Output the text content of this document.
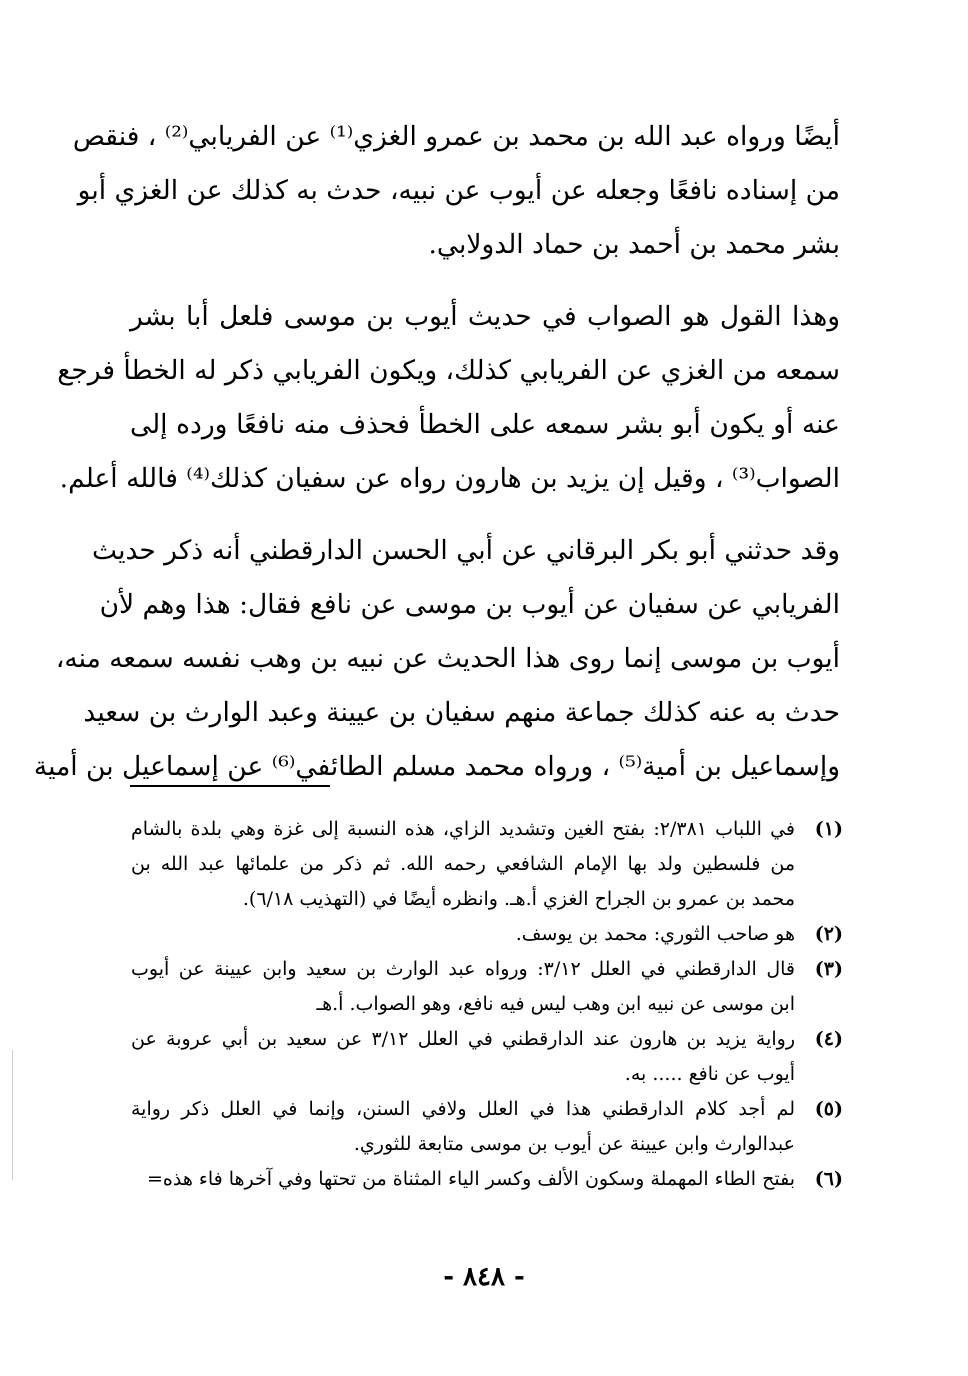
أيضًا ورواه عبد الله بن محمد بن عمرو الغزي⁽¹⁾ عن الفريابي⁽²⁾ ، فنقص
من إسناده نافعًا وجعله عن أيوب عن نبيه، حدث به كذلك عن الغزي أبو
بشر محمد بن أحمد بن حماد الدولابي.

وهذا القول هو الصواب في حديث أيوب بن موسى فلعل أبا بشر
سمعه من الغزي عن الفريابي كذلك، ويكون الفريابي ذكر له الخطأ فرجع
عنه أو يكون أبو بشر سمعه على الخطأ فحذف منه نافعًا ورده إلى
الصواب⁽³⁾ ، وقيل إن يزيد بن هارون رواه عن سفيان كذلك⁽⁴⁾ فالله أعلم.

وقد حدثني أبو بكر البرقاني عن أبي الحسن الدارقطني أنه ذكر حديث
الفريابي عن سفيان عن أيوب بن موسى عن نافع فقال: هذا وهم لأن
أيوب بن موسى إنما روى هذا الحديث عن نبيه بن وهب نفسه سمعه منه،
حدث به عنه كذلك جماعة منهم سفيان بن عيينة وعبد الوارث بن سعيد
وإسماعيل بن أمية⁽⁵⁾ ، ورواه محمد مسلم الطائفي⁽⁶⁾ عن إسماعيل بن أمية

(١)
في اللباب ٢/٣٨١: بفتح الغين وتشديد الزاي، هذه النسبة إلى غزة وهي بلدة بالشام
من فلسطين ولد بها الإمام الشافعي رحمه الله. ثم ذكر من علمائها عبد الله بن
محمد بن عمرو بن الجراح الغزي أ.هـ. وانظره أيضًا في (التهذيب ٦/١٨).

(٢)
هو صاحب الثوري: محمد بن يوسف.

(٣)
قال الدارقطني في العلل ٣/١٢: ورواه عبد الوارث بن سعيد وابن عيينة عن أيوب
ابن موسى عن نبيه ابن وهب ليس فيه نافع، وهو الصواب. أ.هـ

(٤)
رواية يزيد بن هارون عند الدارقطني في العلل ٣/١٢ عن سعيد بن أبي عروبة عن
أيوب عن نافع ..... به.

(٥)
لم أجد كلام الدارقطني هذا في العلل ولافي السنن، وإنما في العلل ذكر رواية
عبدالوارث وابن عيينة عن أيوب بن موسى متابعة للثوري.

(٦)
بفتح الطاء المهملة وسكون الألف وكسر الياء المثناة من تحتها وفي آخرها فاء هذه=

- ٨٤٨ -
